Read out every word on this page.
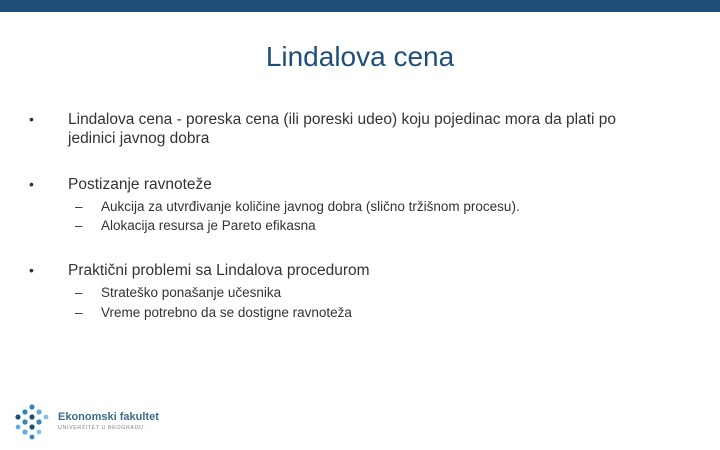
Lindalova cena
• Lindalova cena - poreska cena (ili poreski udeo) koju pojedinac mora da plati po jedinici javnog dobra
• Postizanje ravnoteže
– Aukcija za utvrđivanje količine javnog dobra (slično tržišnom procesu).
– Alokacija resursa je Pareto efikasna
• Praktični problemi sa Lindalova procedurom
– Strateško ponašanje učesnika
– Vreme potrebno da se dostigne ravnoteža
Ekonomski fakultet
UNIVERZITET U BEOGRADU
